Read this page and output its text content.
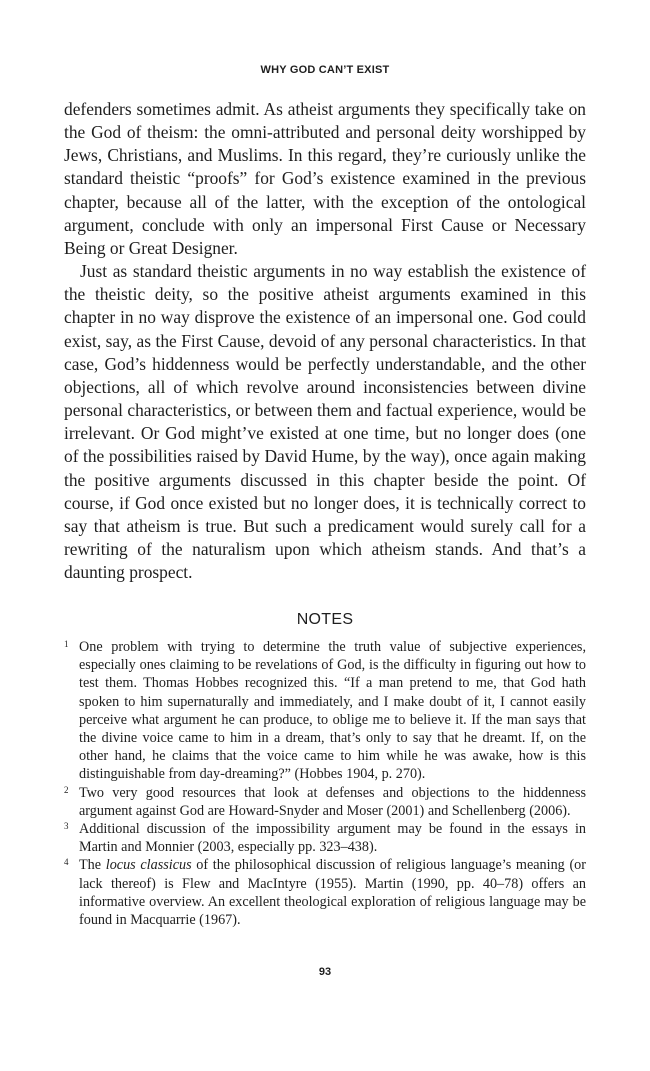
WHY GOD CAN’T EXIST

defenders sometimes admit. As atheist arguments they specifically take on the God of theism: the omni-attributed and personal deity worshipped by Jews, Christians, and Muslims. In this regard, they’re curiously unlike the standard theistic “proofs” for God’s existence examined in the previous chapter, because all of the latter, with the exception of the ontological argument, conclude with only an impersonal First Cause or Necessary Being or Great Designer.

Just as standard theistic arguments in no way establish the existence of the theistic deity, so the positive atheist arguments examined in this chapter in no way disprove the existence of an impersonal one. God could exist, say, as the First Cause, devoid of any personal characteristics. In that case, God’s hiddenness would be perfectly understandable, and the other objections, all of which revolve around inconsistencies between divine personal characteristics, or between them and factual experience, would be irrelevant. Or God might’ve existed at one time, but no longer does (one of the possibilities raised by David Hume, by the way), once again making the positive arguments discussed in this chapter beside the point. Of course, if God once existed but no longer does, it is technically correct to say that atheism is true. But such a predicament would surely call for a rewriting of the naturalism upon which atheism stands. And that’s a daunting prospect.

NOTES
1 One problem with trying to determine the truth value of subjective experiences, especially ones claiming to be revelations of God, is the difficulty in figuring out how to test them. Thomas Hobbes recognized this. “If a man pretend to me, that God hath spoken to him supernaturally and immediately, and I make doubt of it, I cannot easily perceive what argument he can produce, to oblige me to believe it. If the man says that the divine voice came to him in a dream, that’s only to say that he dreamt. If, on the other hand, he claims that the voice came to him while he was awake, how is this distinguishable from day-dreaming?” (Hobbes 1904, p. 270).
2 Two very good resources that look at defenses and objections to the hiddenness argument against God are Howard-Snyder and Moser (2001) and Schellenberg (2006).
3 Additional discussion of the impossibility argument may be found in the essays in Martin and Monnier (2003, especially pp. 323–438).
4 The locus classicus of the philosophical discussion of religious language’s meaning (or lack thereof) is Flew and MacIntyre (1955). Martin (1990, pp. 40–78) offers an informative overview. An excellent theological exploration of religious language may be found in Macquarrie (1967).
93
